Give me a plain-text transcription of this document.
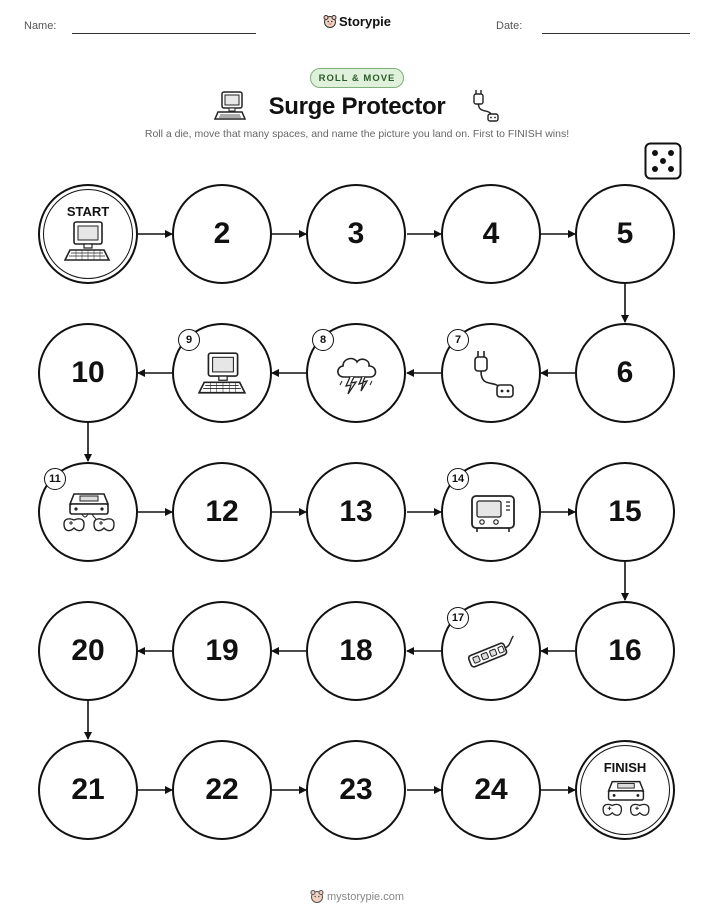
Name:	Storypie	Date:
ROLL & MOVE
Surge Protector
Roll a die, move that many spaces, and name the picture you land on. First to FINISH wins!
START
2	3	4	5
10
9	8	7
6
11
12	13
14
15
20	19	18
17
16
21	22	23	24
FINISH
mystorypie.com
